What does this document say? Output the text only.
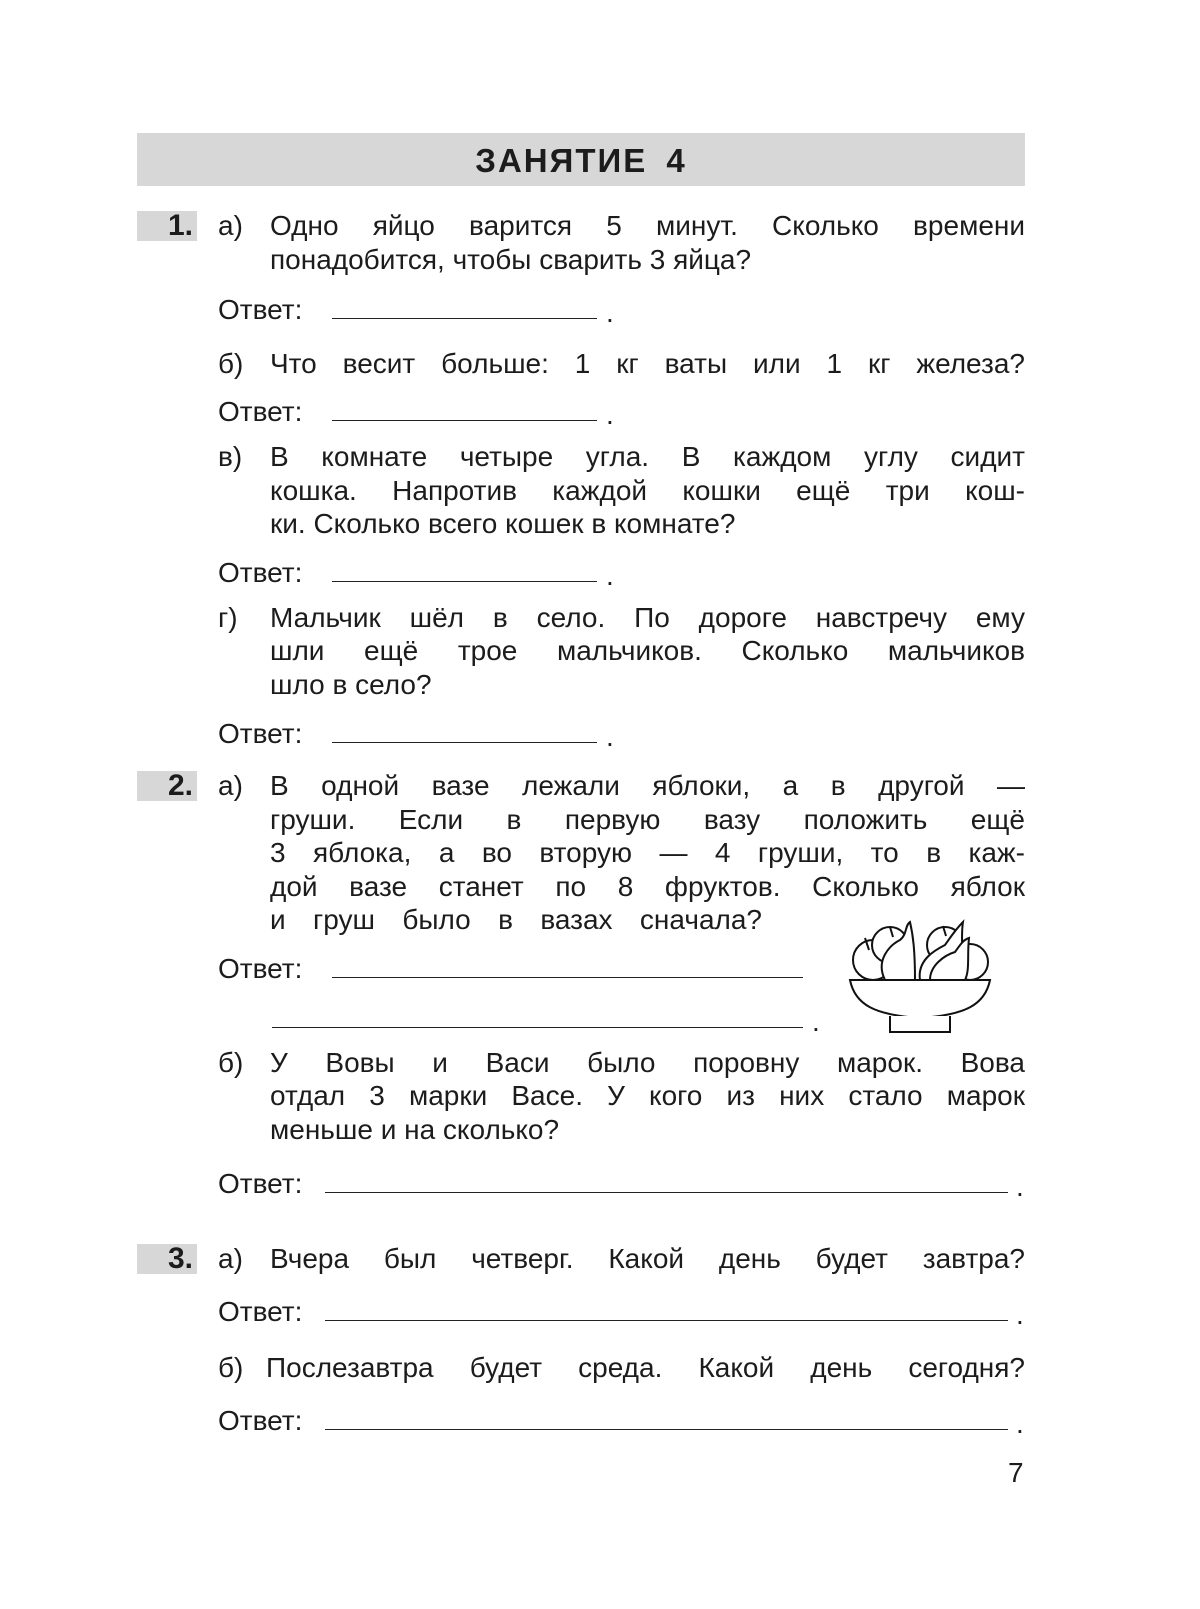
ЗАНЯТИЕ 4
1. а) Одно яйцо варится 5 минут. Сколько времени
понадобится, чтобы сварить 3 яйца?
Ответ:	.
б) Что весит больше: 1 кг ваты или 1 кг железа?
Ответ:	.
в) В комнате четыре угла. В каждом углу сидит
кошка. Напротив каждой кошки ещё три кош-
ки. Сколько всего кошек в комнате?
Ответ:	.
г) Мальчик шёл в село. По дороге навстречу ему
шли ещё трое мальчиков. Сколько мальчиков
шло в село?
Ответ:	.
2. а) В одной вазе лежали яблоки, а в другой —
груши. Если в первую вазу положить ещё
3 яблока, а во вторую — 4 груши, то в каж-
дой вазе станет по 8 фруктов. Сколько яблок
и груш было в вазах сначала?
Ответ:
.
б) У Вовы и Васи было поровну марок. Вова
отдал 3 марки Васе. У кого из них стало марок
меньше и на сколько?
Ответ:	.
3. а) Вчера был четверг. Какой день будет завтра?
Ответ:	.
б) Послезавтра будет среда. Какой день сегодня?
Ответ:	.
7
